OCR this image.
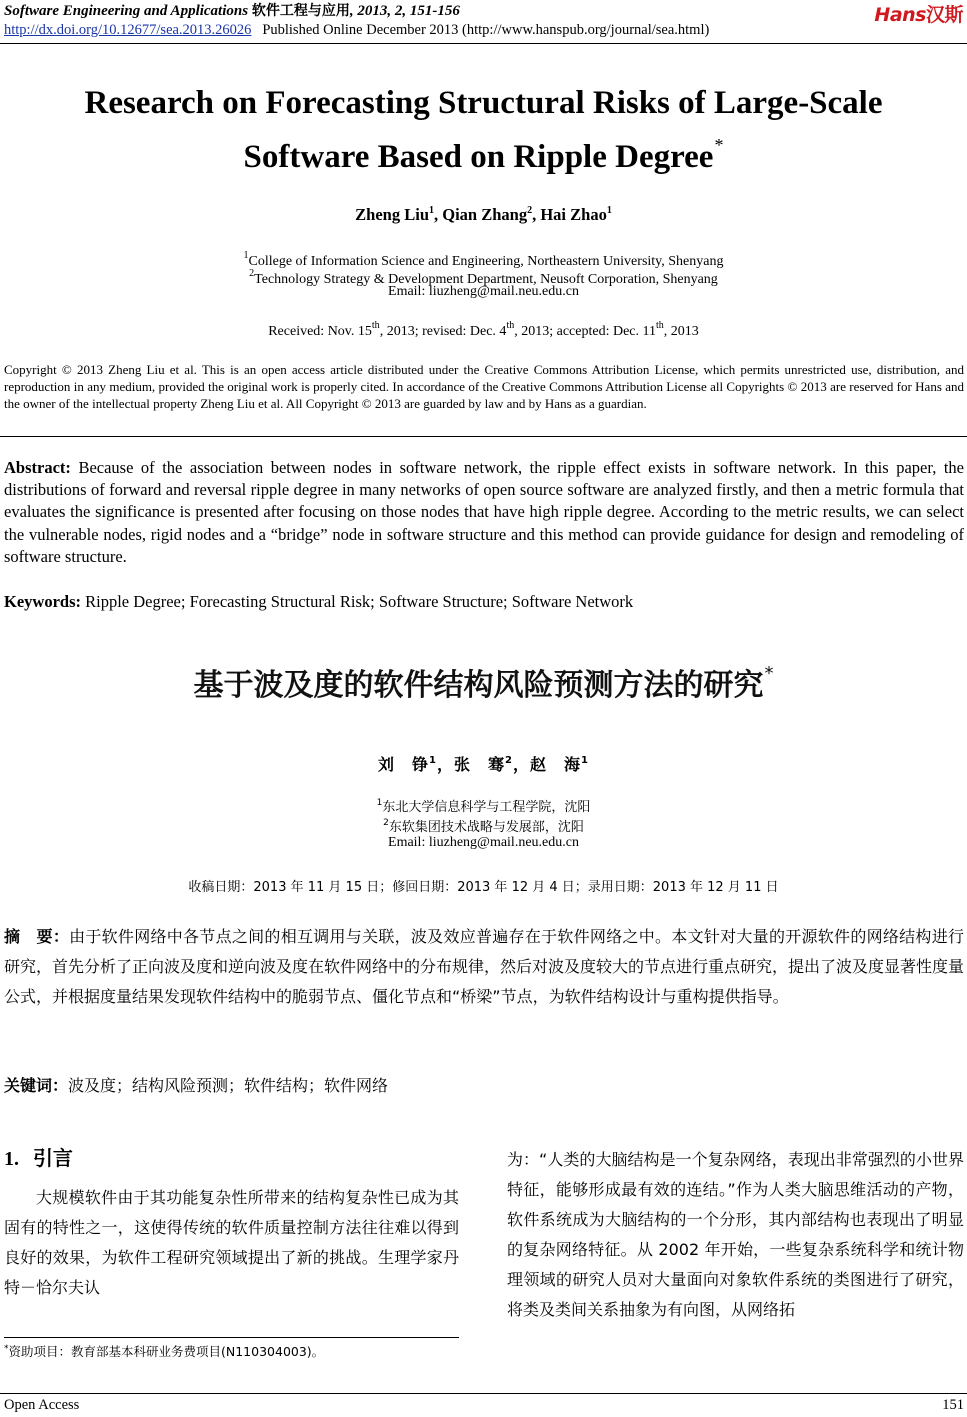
Software Engineering and Applications 软件工程与应用, 2013, 2, 151-156
http://dx.doi.org/10.12677/sea.2013.26026 Published Online December 2013 (http://www.hanspub.org/journal/sea.html)
Hans汉斯
Research on Forecasting Structural Risks of Large-Scale
Software Based on Ripple Degree*
Zheng Liu$^1$, Qian Zhang$^2$, Hai Zhao$^1$
$^1$College of Information Science and Engineering, Northeastern University, Shenyang
$^2$Technology Strategy & Development Department, Neusoft Corporation, Shenyang
Email: liuzheng@mail.neu.edu.cn
Received: Nov. 15th, 2013; revised: Dec. 4th, 2013; accepted: Dec. 11th, 2013
Copyright © 2013 Zheng Liu et al. This is an open access article distributed under the Creative Commons Attribution License, which permits unrestricted use, distribution, and reproduction in any medium, provided the original work is properly cited. In accordance of the Creative Commons Attribution License all Copyrights © 2013 are reserved for Hans and the owner of the intellectual property Zheng Liu et al. All Copyright © 2013 are guarded by law and by Hans as a guardian.
Abstract: Because of the association between nodes in software network, the ripple effect exists in software network. In this paper, the distributions of forward and reversal ripple degree in many networks of open source software are analyzed firstly, and then a metric formula that evaluates the significance is presented after focusing on those nodes that have high ripple degree. According to the metric results, we can select the vulnerable nodes, rigid nodes and a “bridge” node in software structure and this method can provide guidance for design and remodeling of software structure.
Keywords: Ripple Degree; Forecasting Structural Risk; Software Structure; Software Network
基于波及度的软件结构风险预测方法的研究*
刘　铮$^1$，张　骞$^2$，赵　海$^1$
$^1$东北大学信息科学与工程学院，沈阳
$^2$东软集团技术战略与发展部，沈阳
Email: liuzheng@mail.neu.edu.cn
收稿日期：2013 年 11 月 15 日；修回日期：2013 年 12 月 4 日；录用日期：2013 年 12 月 11 日
摘　要：由于软件网络中各节点之间的相互调用与关联，波及效应普遍存在于软件网络之中。本文针对大量的开源软件的网络结构进行研究，首先分析了正向波及度和逆向波及度在软件网络中的分布规律，然后对波及度较大的节点进行重点研究，提出了波及度显著性度量公式，并根据度量结果发现软件结构中的脆弱节点、僵化节点和“桥梁”节点，为软件结构设计与重构提供指导。
关键词：波及度；结构风险预测；软件结构；软件网络
1. 引言
大规模软件由于其功能复杂性所带来的结构复杂性已成为其固有的特性之一，这使得传统的软件质量控制方法往往难以得到良好的效果，为软件工程研究领域提出了新的挑战。生理学家丹特－恰尔夫认
为：“人类的大脑结构是一个复杂网络，表现出非常强烈的小世界特征，能够形成最有效的连结。”作为人类大脑思维活动的产物，软件系统成为大脑结构的一个分形，其内部结构也表现出了明显的复杂网络特征。从 2002 年开始，一些复杂系统科学和统计物理领域的研究人员对大量面向对象软件系统的类图进行了研究，将类及类间关系抽象为有向图，从网络拓
*资助项目：教育部基本科研业务费项目(N110304003)。
Open Access	151
